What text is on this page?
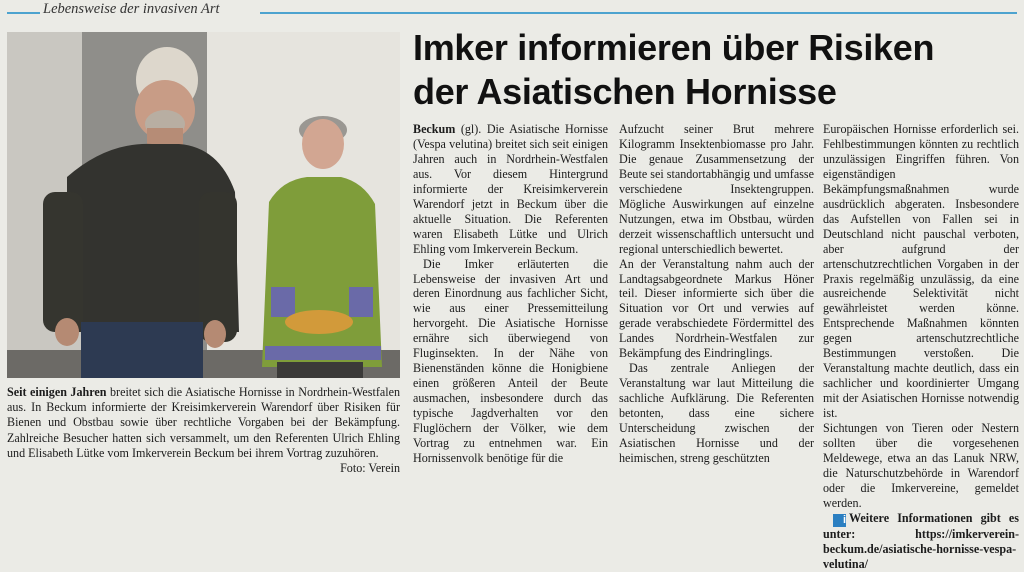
Lebensweise der invasiven Art
Seit einigen Jahren breitet sich die Asiatische Hornisse in Nordrhein-Westfalen aus. In Beckum informierte der Kreisimkerverein Warendorf über Risiken für Bienen und Obstbau sowie über rechtliche Vorgaben bei der Bekämpfung. Zahlreiche Besucher hatten sich versammelt, um den Referenten Ulrich Ehling und Elisabeth Lütke vom Imkerverein Beckum bei ihrem Vortrag zuzuhören.
Foto: Verein
Imker informieren über Risiken
der Asiatischen Hornisse

Beckum (gl). Die Asiatische Hornisse (Vespa velutina) breitet sich seit einigen Jahren auch in Nordrhein-Westfalen aus. Vor diesem Hintergrund informierte der Kreisimkerverein Warendorf jetzt in Beckum über die aktuelle Situation. Die Referenten waren Elisabeth Lütke und Ulrich Ehling vom Imkerverein Beckum.

Die Imker erläuterten die Lebensweise der invasiven Art und deren Einordnung aus fachlicher Sicht, wie aus einer Pressemitteilung hervorgeht. Die Asiatische Hornisse ernähre sich überwiegend von Fluginsekten. In der Nähe von Bienenständen könne die Honigbiene einen größeren Anteil der Beute ausmachen, insbesondere durch das typische Jagdverhalten vor den Fluglöchern der Völker, wie dem Vortrag zu entnehmen war. Ein Hornissenvolk benötige für die

Aufzucht seiner Brut mehrere Kilogramm Insektenbiomasse pro Jahr. Die genaue Zusammensetzung der Beute sei standortabhängig und umfasse verschiedene Insektengruppen. Mögliche Auswirkungen auf einzelne Nutzungen, etwa im Obstbau, würden derzeit wissenschaftlich untersucht und regional unterschiedlich bewertet.

An der Veranstaltung nahm auch der Landtagsabgeordnete Markus Höner teil. Dieser informierte sich über die Situation vor Ort und verwies auf gerade verabschiedete Fördermittel des Landes Nordrhein-Westfalen zur Bekämpfung des Eindringlings.

Das zentrale Anliegen der Veranstaltung war laut Mitteilung die sachliche Aufklärung. Die Referenten betonten, dass eine sichere Unterscheidung zwischen der Asiatischen Hornisse und der heimischen, streng geschützten

Europäischen Hornisse erforderlich sei. Fehlbestimmungen könnten zu rechtlich unzulässigen Eingriffen führen. Von eigenständigen Bekämpfungsmaßnahmen wurde ausdrücklich abgeraten. Insbesondere das Aufstellen von Fallen sei in Deutschland nicht pauschal verboten, aber aufgrund der artenschutzrechtlichen Vorgaben in der Praxis regelmäßig unzulässig, da eine ausreichende Selektivität nicht gewährleistet werden könne. Entsprechende Maßnahmen könnten gegen artenschutzrechtliche Bestimmungen verstoßen. Die Veranstaltung machte deutlich, dass ein sachlicher und koordinierter Umgang mit der Asiatischen Hornisse notwendig ist.

Sichtungen von Tieren oder Nestern sollten über die vorgesehenen Meldewege, etwa an das Lanuk NRW, die Naturschutzbehörde in Warendorf oder die Imkervereine, gemeldet werden.

i Weitere Informationen gibt es unter: https://imkerverein-beckum.de/asiatische-hornisse-vespa-velutina/
